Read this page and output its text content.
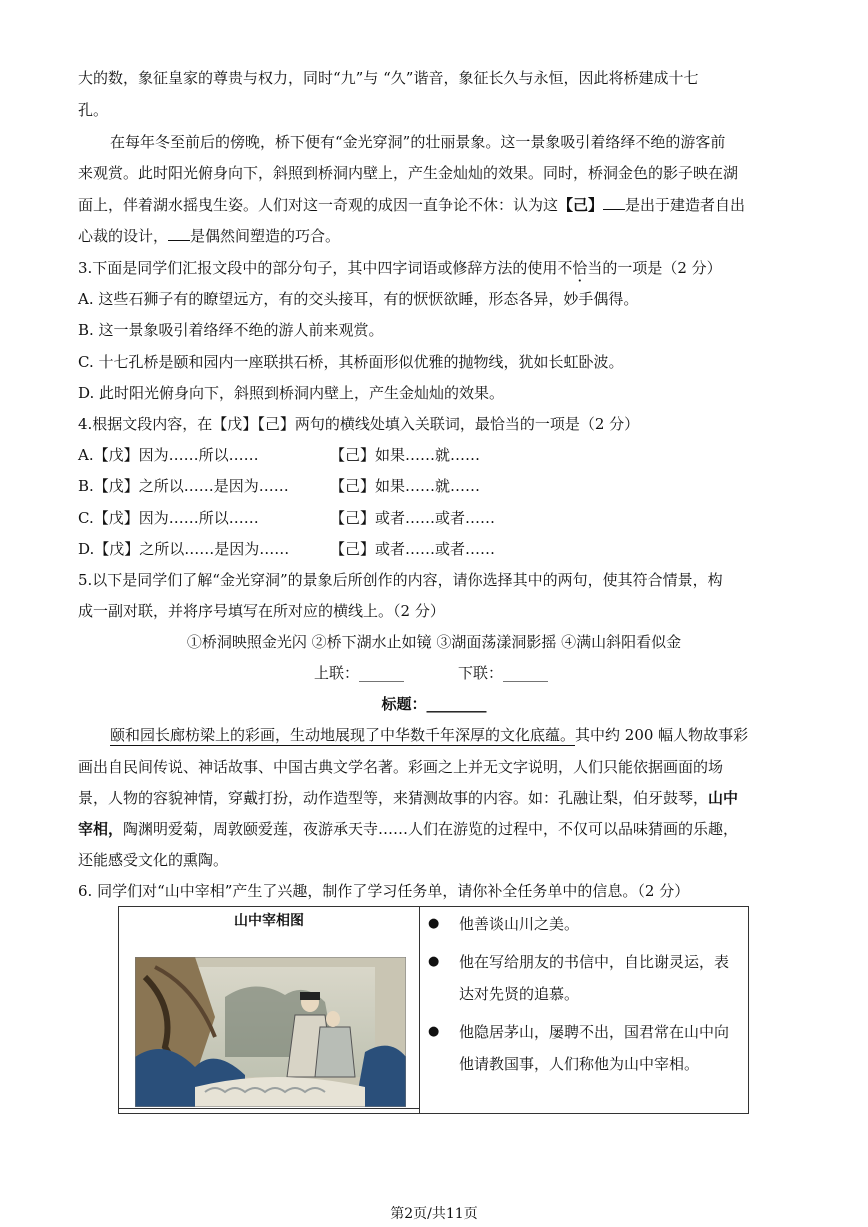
大的数，象征皇家的尊贵与权力，同时“九”与 “久”谐音，象征长久与永恒，因此将桥建成十七
孔。
在每年冬至前后的傍晚，桥下便有“金光穿洞”的壮丽景象。这一景象吸引着络绎不绝的游客前
来观赏。此时阳光俯身向下，斜照到桥洞内壁上，产生金灿灿的效果。同时，桥洞金色的影子映在湖
面上，伴着湖水摇曳生姿。人们对这一奇观的成因一直争论不休：认为这【己】 是出于建造者自出
心裁的设计， 是偶然间塑造的巧合。
3.下面是同学们汇报文段中的部分句子，其中四字词语或修辞方法的使用不恰当的一项是（2 分）
A. 这些石狮子有的瞭望远方，有的交头接耳，有的恹恹欲睡，形态各异，妙手偶得。
B. 这一景象吸引着络绎不绝的游人前来观赏。
C. 十七孔桥是颐和园内一座联拱石桥，其桥面形似优雅的抛物线，犹如长虹卧波。
D. 此时阳光俯身向下，斜照到桥洞内壁上，产生金灿灿的效果。
4.根据文段内容，在【戊】【己】两句的横线处填入关联词，最恰当的一项是（2 分）
A.【戊】因为……所以……	【己】如果……就……
B.【戊】之所以……是因为……	【己】如果……就……
C.【戊】因为……所以……	【己】或者……或者……
D.【戊】之所以……是因为……	【己】或者……或者……
5.以下是同学们了解“金光穿洞”的景象后所创作的内容，请你选择其中的两句，使其符合情景，构
成一副对联，并将序号填写在所对应的横线上。（2 分）
①桥洞映照金光闪 ②桥下湖水止如镜 ③湖面荡漾洞影摇 ④满山斜阳看似金
上联：______	下联：______
标题：________
颐和园长廊枋梁上的彩画，生动地展现了中华数千年深厚的文化底蕴。其中约 200 幅人物故事彩
画出自民间传说、神话故事、中国古典文学名著。彩画之上并无文字说明，人们只能依据画面的场
景，人物的容貌神情，穿戴打扮，动作造型等，来猜测故事的内容。如：孔融让梨，伯牙鼓琴，山中
宰相，陶渊明爱菊，周敦颐爱莲，夜游承天寺……人们在游览的过程中，不仅可以品味猜画的乐趣，
还能感受文化的熏陶。
6. 同学们对“山中宰相”产生了兴趣，制作了学习任务单，请你补全任务单中的信息。（2 分）
山中宰相图
		● 他善谈山川之美。
● 他在写给朋友的书信中，自比谢灵运，表
达对先贤的追慕。
● 他隐居茅山，屡聘不出，国君常在山中向
他请教国事，人们称他为山中宰相。
第2页/共11页
